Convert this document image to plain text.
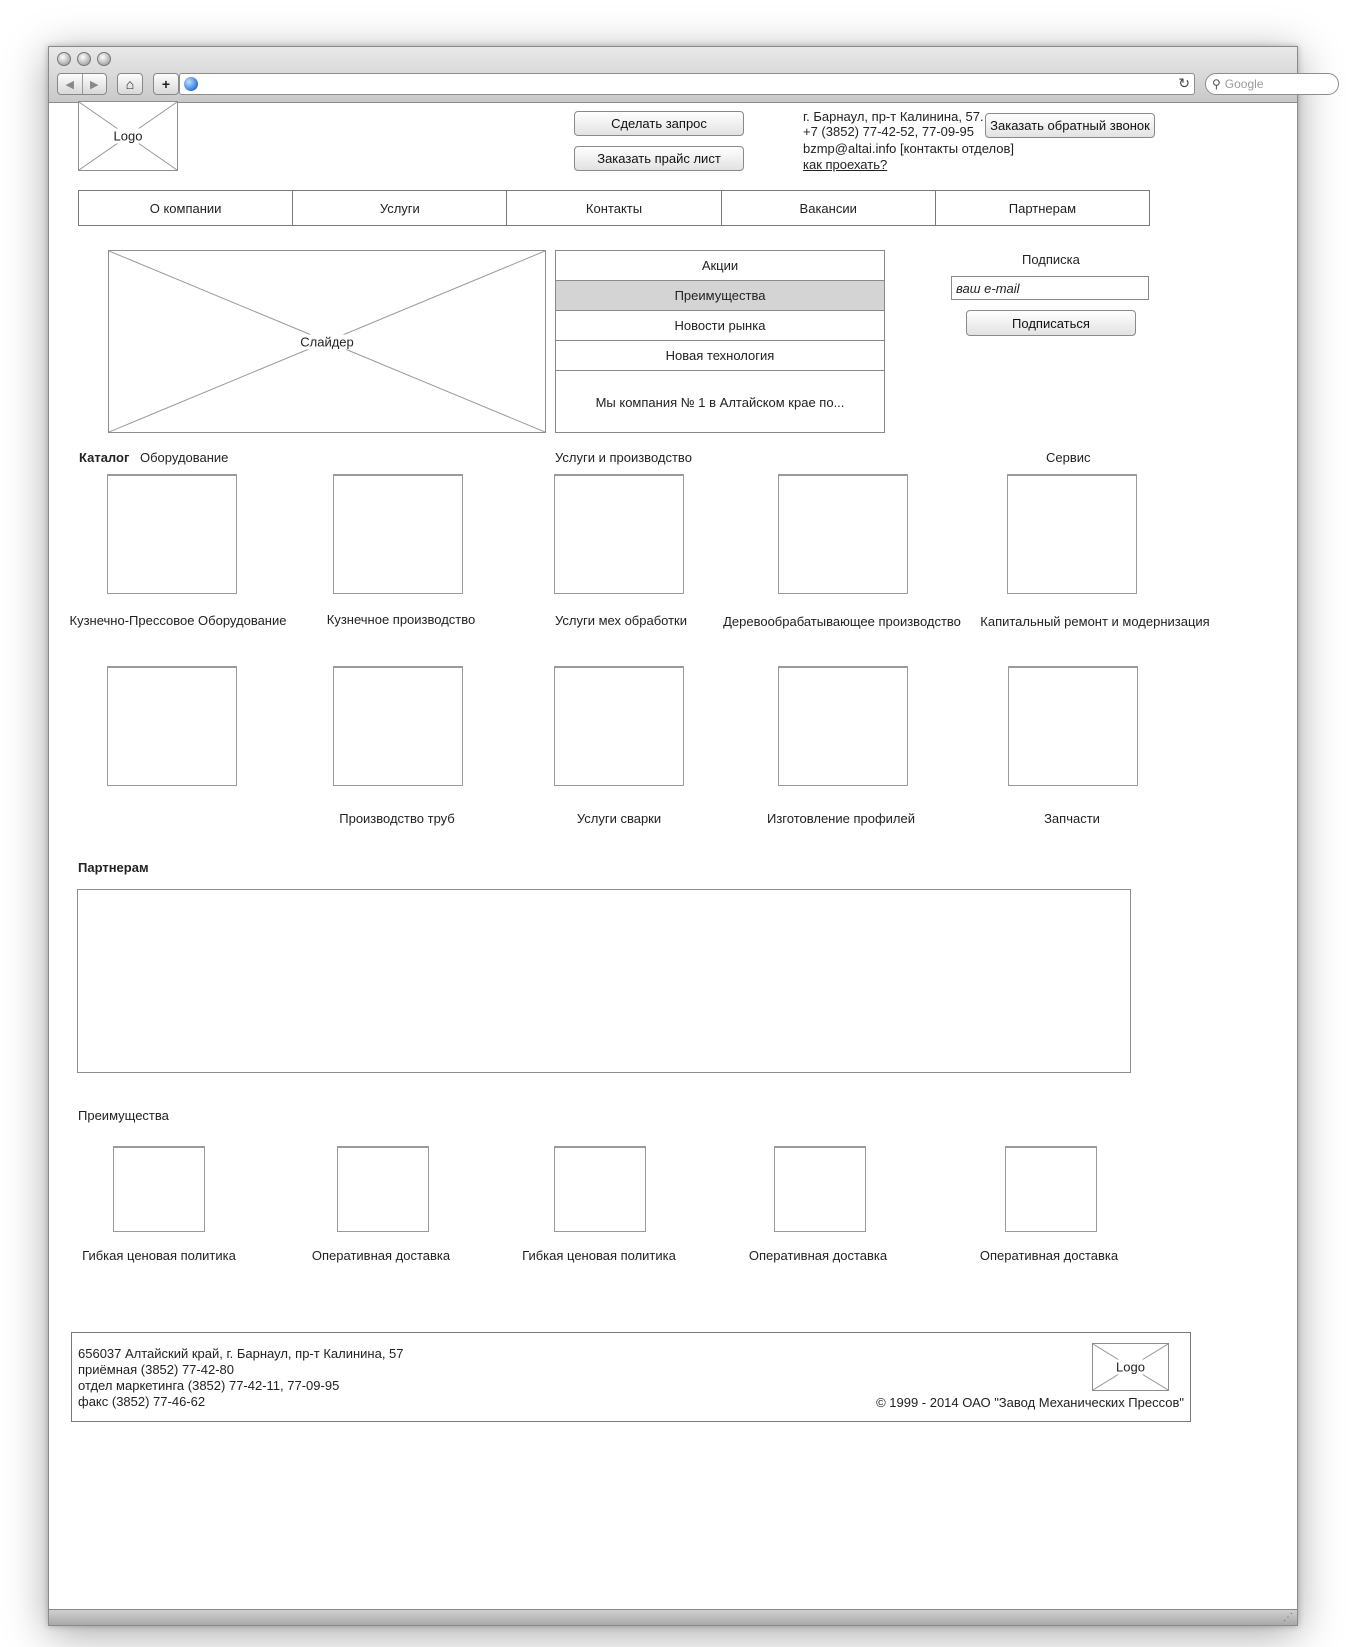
◀	▶	⌂	+	↻ ⚲ Google
Logo
Сделать запрос
Заказать прайс лист
г. Барнаул, пр-т Калинина, 57.
+7 (3852) 77-42-52, 77-09-95
bzmp@altai.info [контакты отделов]
как проехать?
Заказать обратный звонок
О компании	Услуги	Контакты	Вакансии	Партнерам
Слайдер
Акции
Преимущества
Новости рынка
Новая технология
Мы компания № 1 в Алтайском крае по...
Подписка
ваш e-mail
Подписаться
Каталог Оборудование	Услуги и производство	Сервис
Кузнечно-Прессовое Оборудование	Кузнечное производство	Услуги мех обработки	Деревообрабатывающее производство Капитальный ремонт и модернизация
Производство труб	Услуги сварки	Изготовление профилей	Запчасти
Партнерам
Преимущества
Гибкая ценовая политика	Оперативная доставка	Гибкая ценовая политика	Оперативная доставка	Оперативная доставка
656037 Алтайский край, г. Барнаул, пр-т Калинина, 57
приёмная (3852) 77-42-80
отдел маркетинга (3852) 77-42-11, 77-09-95
факс (3852) 77-46-62
Logo
© 1999 - 2014 ОАО "Завод Механических Прессов"
⋰
